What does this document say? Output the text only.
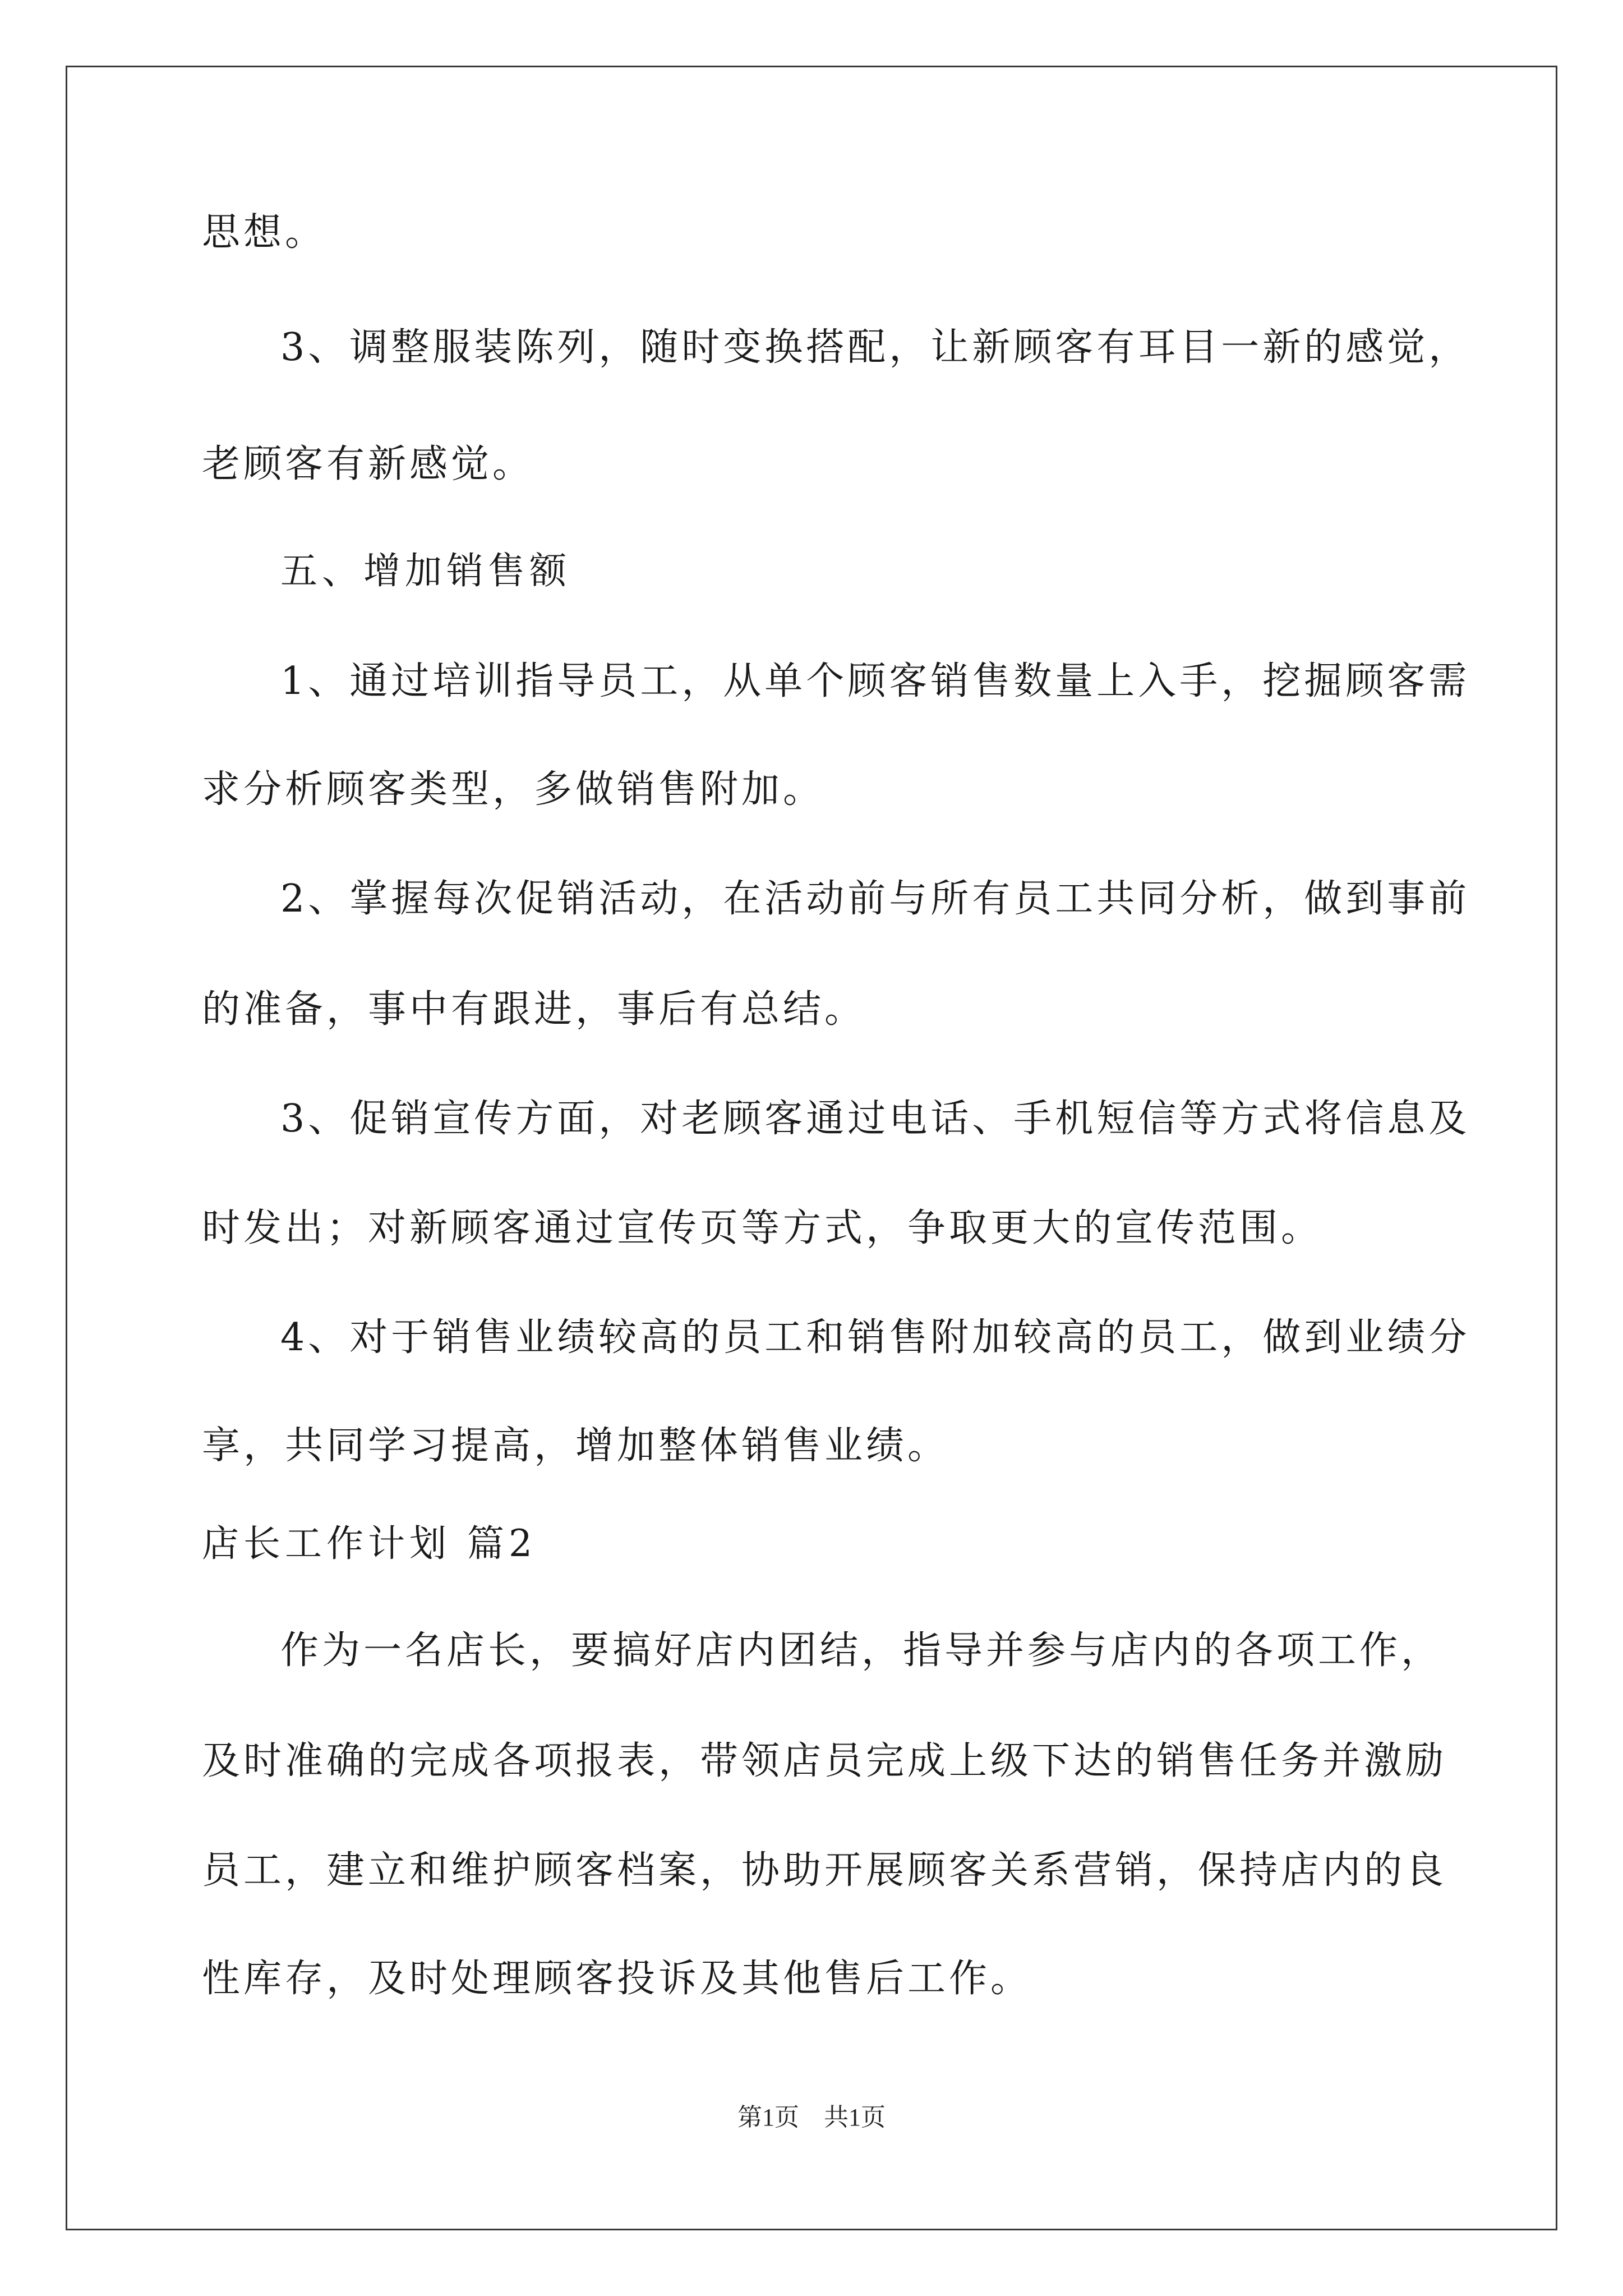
思想。
3、调整服装陈列，随时变换搭配，让新顾客有耳目一新的感觉，
老顾客有新感觉。
五、增加销售额
1、通过培训指导员工，从单个顾客销售数量上入手，挖掘顾客需
求分析顾客类型，多做销售附加。
2、掌握每次促销活动，在活动前与所有员工共同分析，做到事前
的准备，事中有跟进，事后有总结。
3、促销宣传方面，对老顾客通过电话、手机短信等方式将信息及
时发出；对新顾客通过宣传页等方式，争取更大的宣传范围。
4、对于销售业绩较高的员工和销售附加较高的员工，做到业绩分
享，共同学习提高，增加整体销售业绩。
店长工作计划 篇2
作为一名店长，要搞好店内团结，指导并参与店内的各项工作，
及时准确的完成各项报表，带领店员完成上级下达的销售任务并激励
员工，建立和维护顾客档案，协助开展顾客关系营销，保持店内的良
性库存，及时处理顾客投诉及其他售后工作。
第1页　共1页
